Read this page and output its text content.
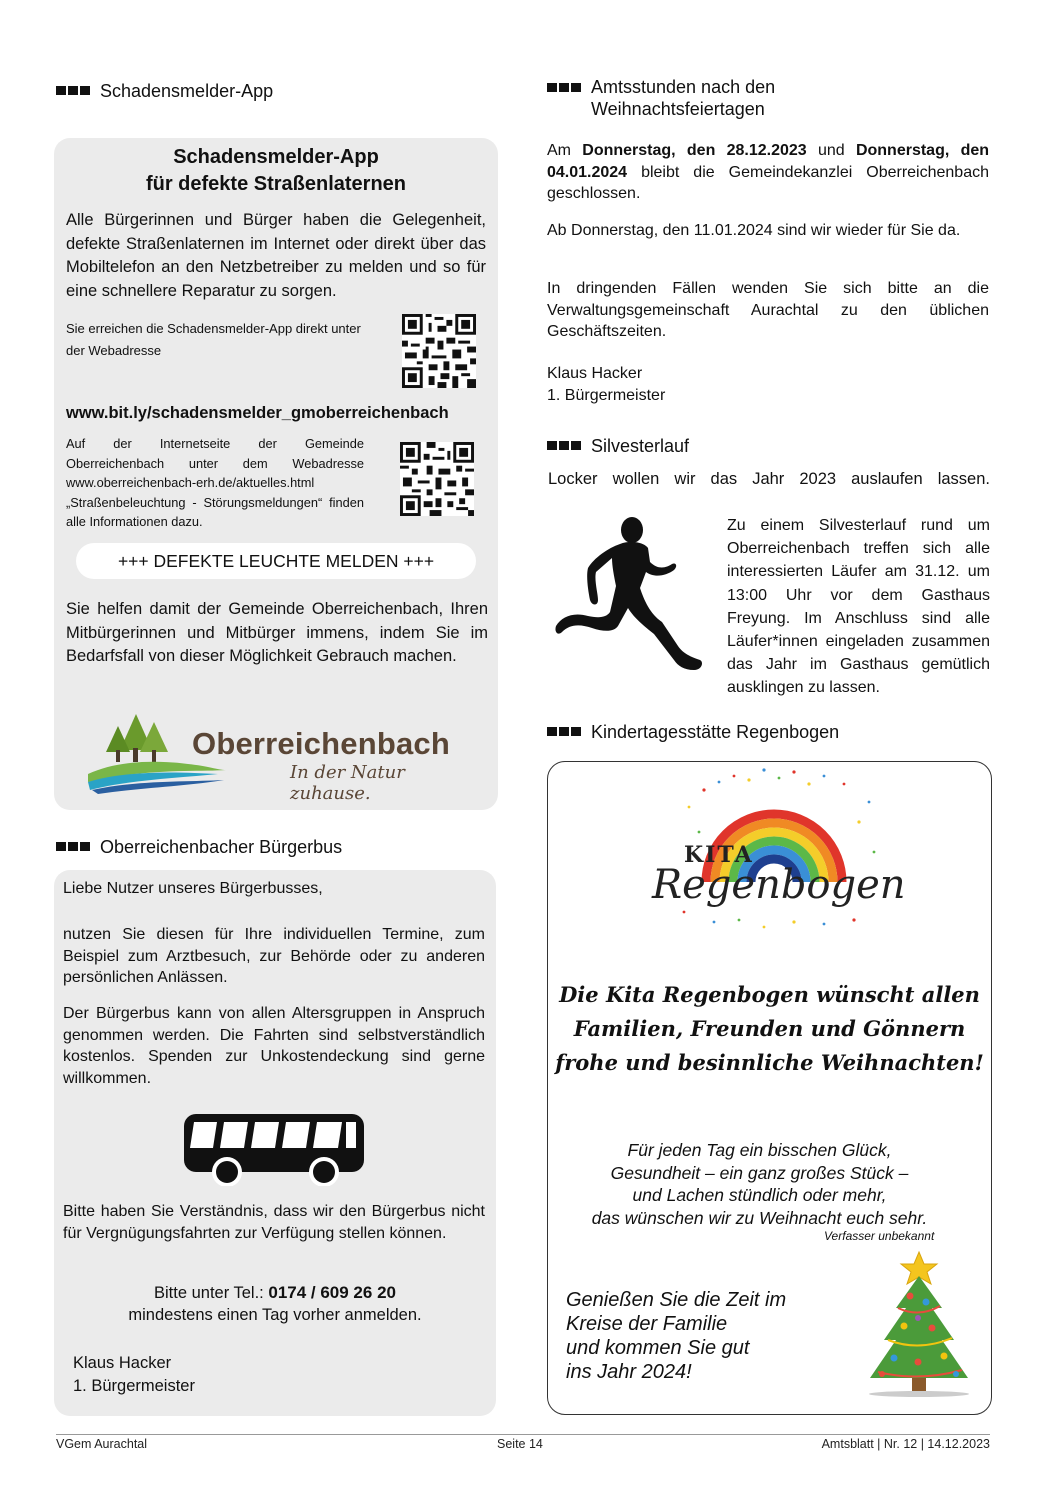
Schadensmelder-App
Schadensmelder-App
für defekte Straßenlaternen

Alle Bürgerinnen und Bürger haben die Gelegenheit, defekte Straßenlaternen im Internet oder direkt über das Mobiltelefon an den Netzbetreiber zu melden und so für eine schnellere Reparatur zu sorgen.

Sie erreichen die Schadensmelder-App direkt unter der Webadresse

www.bit.ly/schadensmelder_gmoberreichenbach

Auf der Internetseite der Gemeinde Oberreichenbach unter dem Webadresse www.oberreichenbach-erh.de/aktuelles.html „Straßenbeleuchtung - Störungsmeldungen“ finden alle Informationen dazu.

+++ DEFEKTE LEUCHTE MELDEN +++

Sie helfen damit der Gemeinde Oberreichenbach, Ihren Mitbürgerinnen und Mitbürger immens, indem Sie im Bedarfsfall von dieser Möglichkeit Gebrauch machen.

Oberreichenbach
In der Natur zuhause.
Oberreichenbacher Bürgerbus

Liebe Nutzer unseres Bürgerbusses,

nutzen Sie diesen für Ihre individuellen Termine, zum Beispiel zum Arztbesuch, zur Behörde oder zu anderen persönlichen Anlässen.

Der Bürgerbus kann von allen Altersgruppen in Anspruch genommen werden. Die Fahrten sind selbstverständlich kostenlos. Spenden zur Unkostendeckung sind gerne willkommen.

Bitte haben Sie Verständnis, dass wir den Bürgerbus nicht für Vergnügungsfahrten zur Verfügung stellen können.

Bitte unter Tel.: 0174 / 609 26 20
mindestens einen Tag vorher anmelden.
Klaus Hacker
1. Bürgermeister
Amtsstunden nach den
Weihnachtsfeiertagen

Am Donnerstag, den 28.12.2023 und Donnerstag, den 04.01.2024 bleibt die Gemeindekanzlei Oberreichenbach geschlossen.

Ab Donnerstag, den 11.01.2024 sind wir wieder für Sie da.

In dringenden Fällen wenden Sie sich bitte an die Verwaltungsgemeinschaft Aurachtal zu den üblichen Geschäftszeiten.

Klaus Hacker
1. Bürgermeister
Silvesterlauf

Locker wollen wir das Jahr 2023 auslaufen lassen.

Zu einem Silvesterlauf rund um Oberreichenbach treffen sich alle interessierten Läufer am 31.12. um 13:00 Uhr vor dem Gasthaus Freyung. Im Anschluss sind alle Läufer*innen eingeladen zusammen das Jahr im Gasthaus gemütlich ausklingen zu lassen.

Kindertagesstätte Regenbogen
KITA
Regenbogen
Die Kita Regenbogen wünscht allen
Familien, Freunden und Gönnern
frohe und besinnliche Weihnachten!
Für jeden Tag ein bisschen Glück,
Gesundheit – ein ganz großes Stück –
und Lachen stündlich oder mehr,
das wünschen wir zu Weihnacht euch sehr.
Verfasser unbekannt
Genießen Sie die Zeit im
Kreise der Familie
und kommen Sie gut
ins Jahr 2024!
VGem Aurachtal	Seite 14	Amtsblatt | Nr. 12 | 14.12.2023
